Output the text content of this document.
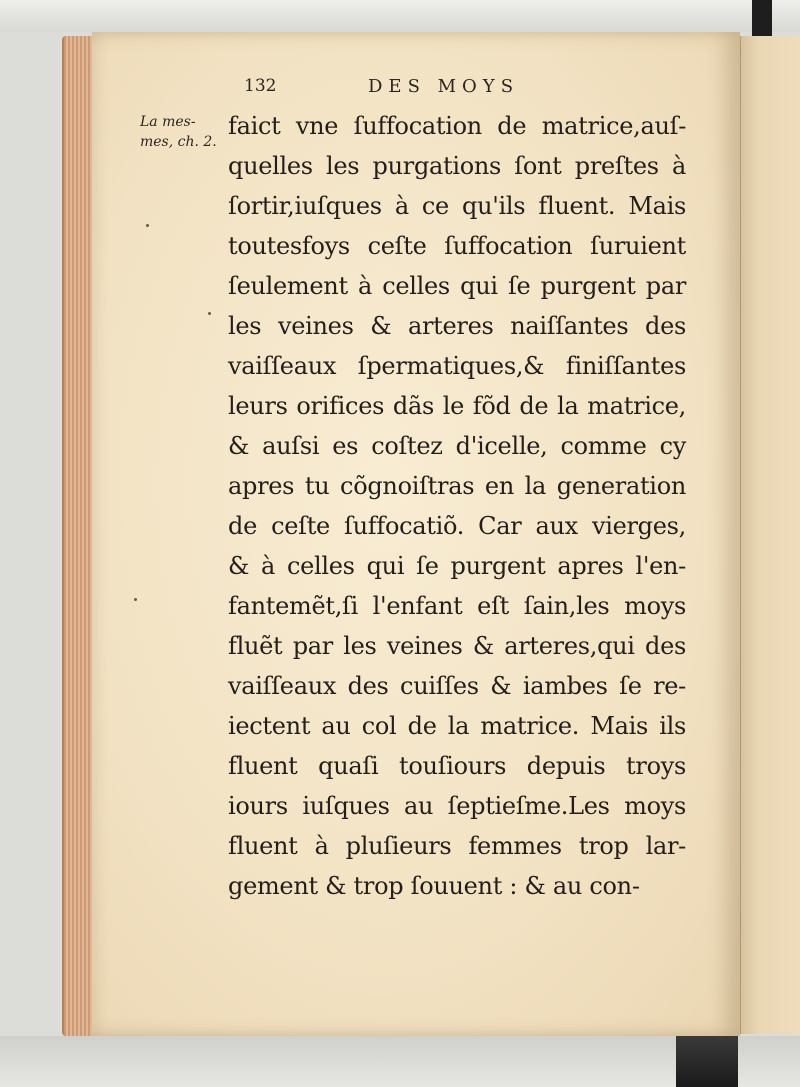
132	DES MOYS
La mes-
mes, ch. 2.
faict vne ſuffocation de matrice,auſ-
quelles les purgations ſont preſtes à
ſortir,iuſques à ce qu'ils fluent. Mais
toutesfoys ceſte ſuffocation ſuruient
ſeulement à celles qui ſe purgent par
les veines & arteres naiſſantes des
vaiſſeaux ſpermatiques,& finiſſantes
leurs orifices dãs le fõd de la matrice,
& auſsi es coſtez d'icelle, comme cy
apres tu cõgnoiſtras en la generation
de ceſte ſuffocatiõ. Car aux vierges,
& à celles qui ſe purgent apres l'en-
fantemẽt,ſi l'enfant eſt ſain,les moys
fluẽt par les veines & arteres,qui des
vaiſſeaux des cuiſſes & iambes ſe re-
iectent au col de la matrice. Mais ils
fluent quaſi touſiours depuis troys
iours iuſques au ſeptieſme.Les moys
fluent à pluſieurs femmes trop lar-
gement & trop ſouuent : & au con-
